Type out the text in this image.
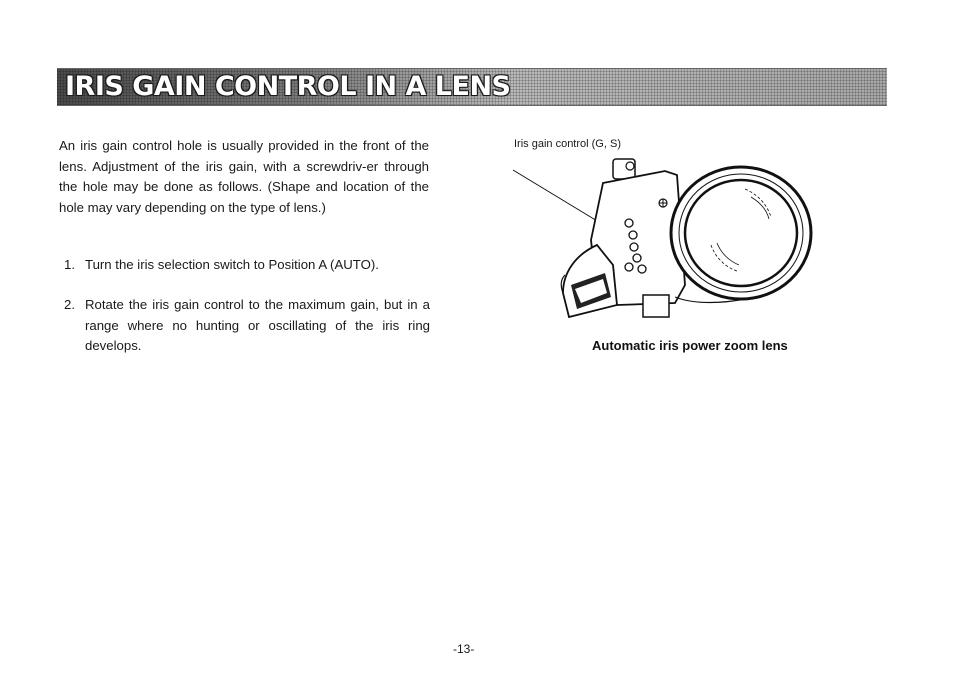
IRIS GAIN CONTROL IN A LENS
An iris gain control hole is usually provided in the front of the lens. Adjustment of the iris gain, with a screwdriv-er through the hole may be done as follows. (Shape and location of the hole may vary depending on the type of lens.)
1. Turn the iris selection switch to Position A (AUTO).
2. Rotate the iris gain control to the maximum gain, but in a range where no hunting or oscillating of the iris ring develops.
Iris gain control (G, S)
Automatic iris power zoom lens
-13-
